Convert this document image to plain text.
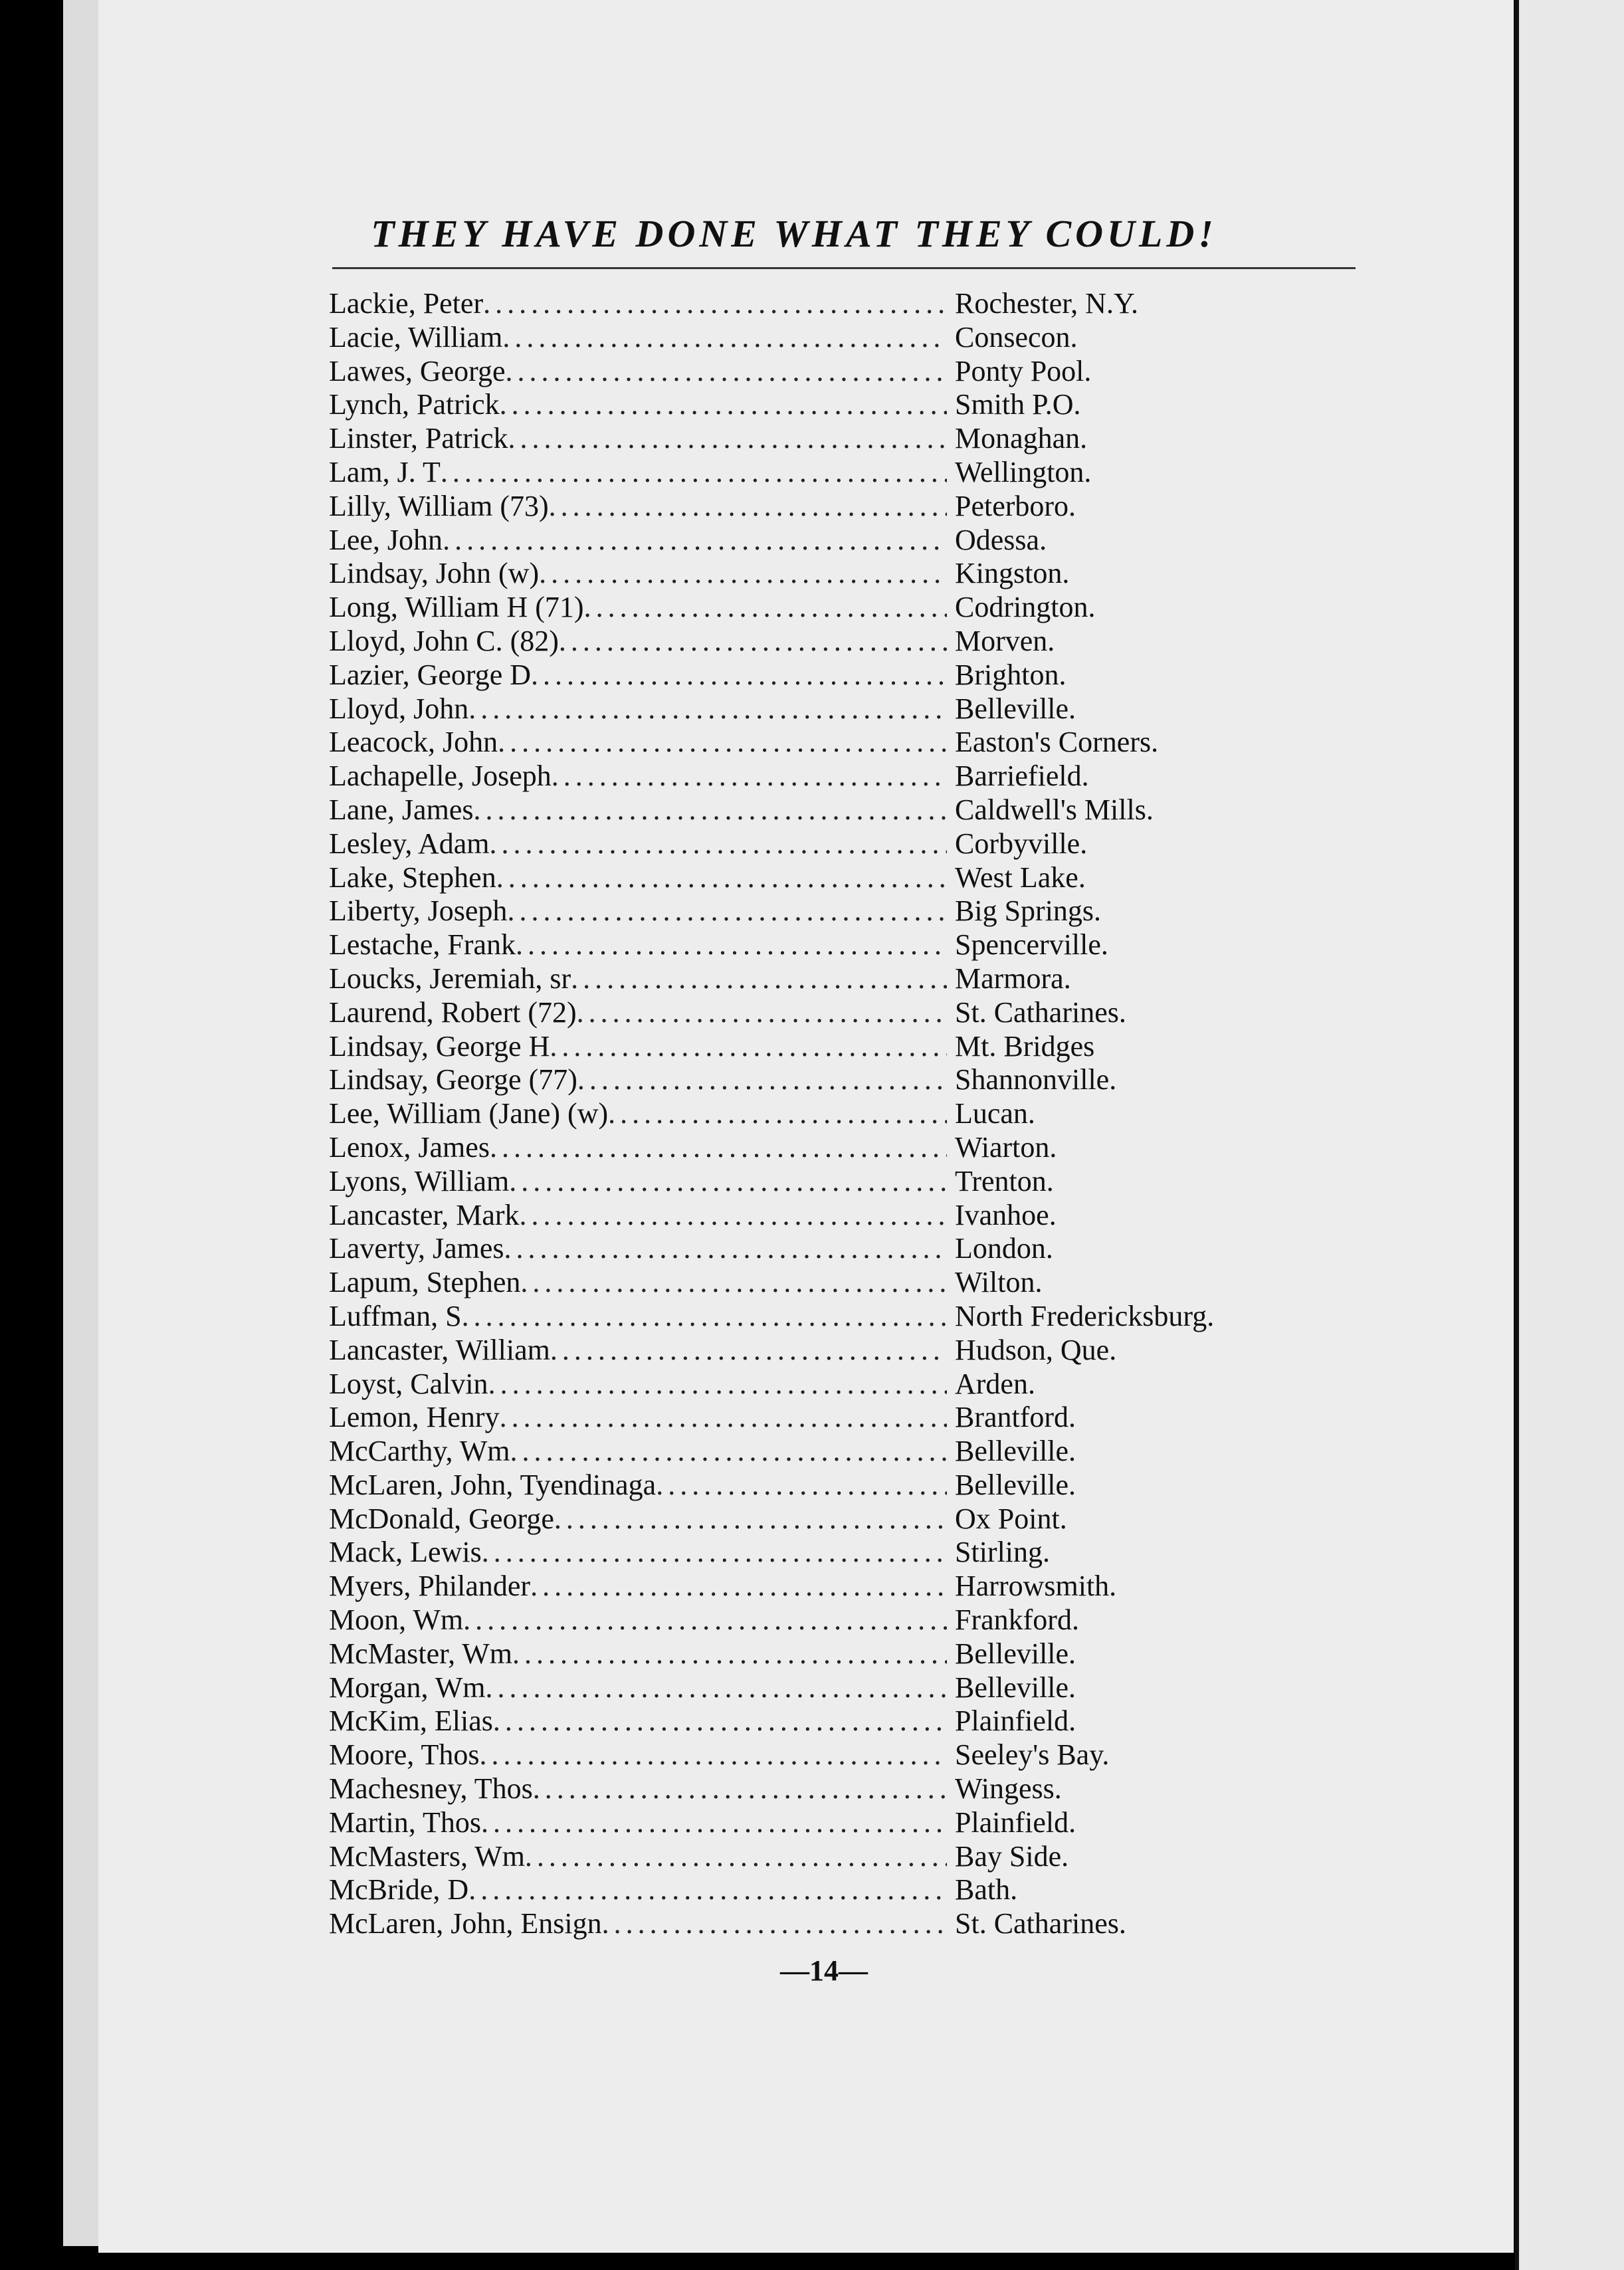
THEY HAVE DONE WHAT THEY COULD!
Lackie, Peter .....	Rochester, N.Y.
Lacie, William .....	Consecon.
Lawes, George .....	Ponty Pool.
Lynch, Patrick .....	Smith P.O.
Linster, Patrick .....	Monaghan.
Lam, J. T .....	Wellington.
Lilly, William (73) .....	Peterboro.
Lee, John .....	Odessa.
Lindsay, John (w) .....	Kingston.
Long, William H (71) .....	Codrington.
Lloyd, John C. (82) .....	Morven.
Lazier, George D .....	Brighton.
Lloyd, John .....	Belleville.
Leacock, John .....	Easton's Corners.
Lachapelle, Joseph .....	Barriefield.
Lane, James .....	Caldwell's Mills.
Lesley, Adam .....	Corbyville.
Lake, Stephen .....	West Lake.
Liberty, Joseph .....	Big Springs.
Lestache, Frank .....	Spencerville.
Loucks, Jeremiah, sr .....	Marmora.
Laurend, Robert (72) .....	St. Catharines.
Lindsay, George H .....	Mt. Bridges
Lindsay, George (77) .....	Shannonville.
Lee, William (Jane) (w) .....	Lucan.
Lenox, James .....	Wiarton.
Lyons, William .....	Trenton.
Lancaster, Mark .....	Ivanhoe.
Laverty, James .....	London.
Lapum, Stephen .....	Wilton.
Luffman, S .....	North Fredericksburg.
Lancaster, William .....	Hudson, Que.
Loyst, Calvin .....	Arden.
Lemon, Henry .....	Brantford.
McCarthy, Wm .....	Belleville.
McLaren, John, Tyendinaga .....	Belleville.
McDonald, George .....	Ox Point.
Mack, Lewis .....	Stirling.
Myers, Philander .....	Harrowsmith.
Moon, Wm .....	Frankford.
McMaster, Wm .....	Belleville.
Morgan, Wm .....	Belleville.
McKim, Elias .....	Plainfield.
Moore, Thos .....	Seeley's Bay.
Machesney, Thos .....	Wingess.
Martin, Thos .....	Plainfield.
McMasters, Wm .....	Bay Side.
McBride, D .....	Bath.
McLaren, John, Ensign .....	St. Catharines.
—14—
